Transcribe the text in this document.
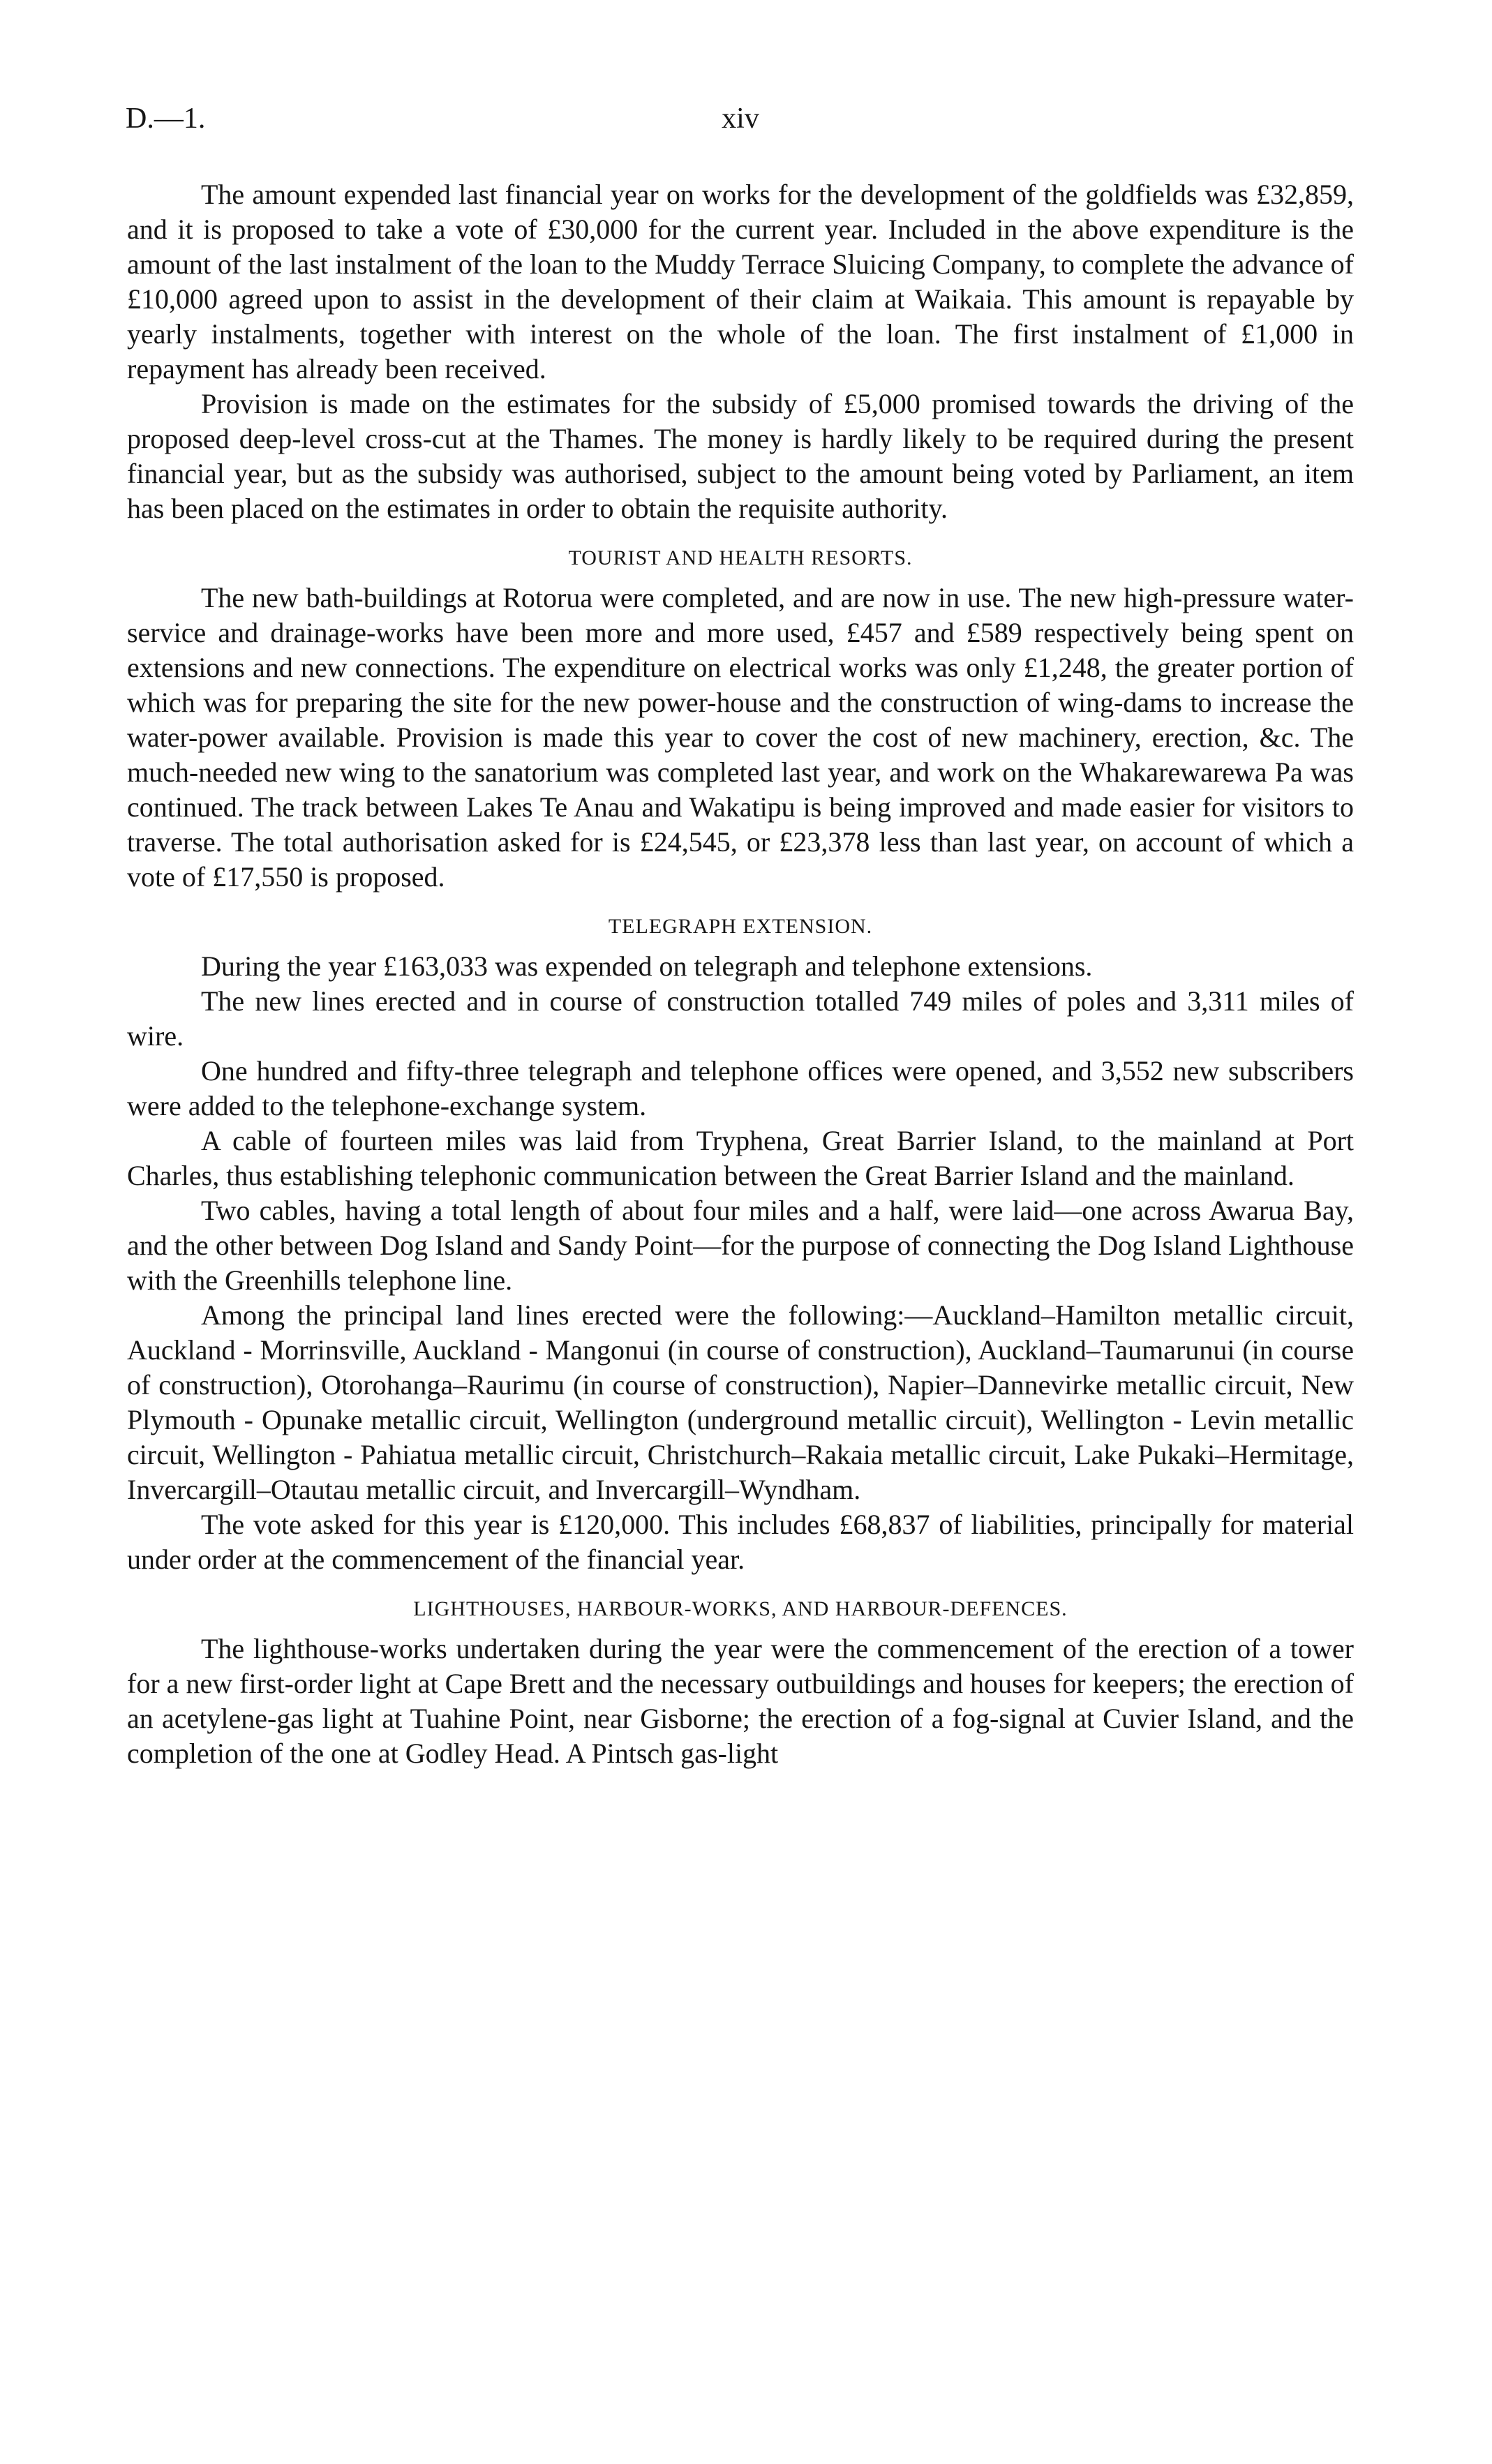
D.—1.	xiv

The amount expended last financial year on works for the development of the goldfields was £32,859, and it is proposed to take a vote of £30,000 for the current year. Included in the above expenditure is the amount of the last instalment of the loan to the Muddy Terrace Sluicing Company, to complete the advance of £10,000 agreed upon to assist in the development of their claim at Waikaia. This amount is repayable by yearly instalments, together with interest on the whole of the loan. The first instalment of £1,000 in repayment has already been received.

Provision is made on the estimates for the subsidy of £5,000 promised towards the driving of the proposed deep-level cross-cut at the Thames. The money is hardly likely to be required during the present financial year, but as the subsidy was authorised, subject to the amount being voted by Parliament, an item has been placed on the estimates in order to obtain the requisite authority.

TOURIST AND HEALTH RESORTS.

The new bath-buildings at Rotorua were completed, and are now in use. The new high-pressure water-service and drainage-works have been more and more used, £457 and £589 respectively being spent on extensions and new connections. The expenditure on electrical works was only £1,248, the greater portion of which was for preparing the site for the new power-house and the construction of wing-dams to increase the water-power available. Provision is made this year to cover the cost of new machinery, erection, &c. The much-needed new wing to the sanatorium was completed last year, and work on the Whakarewarewa Pa was continued. The track between Lakes Te Anau and Wakatipu is being improved and made easier for visitors to traverse. The total authorisation asked for is £24,545, or £23,378 less than last year, on account of which a vote of £17,550 is proposed.

TELEGRAPH EXTENSION.

During the year £163,033 was expended on telegraph and telephone extensions.

The new lines erected and in course of construction totalled 749 miles of poles and 3,311 miles of wire.

One hundred and fifty-three telegraph and telephone offices were opened, and 3,552 new subscribers were added to the telephone-exchange system.

A cable of fourteen miles was laid from Tryphena, Great Barrier Island, to the mainland at Port Charles, thus establishing telephonic communication between the Great Barrier Island and the mainland.

Two cables, having a total length of about four miles and a half, were laid—one across Awarua Bay, and the other between Dog Island and Sandy Point—for the purpose of connecting the Dog Island Lighthouse with the Greenhills telephone line.

Among the principal land lines erected were the following:—Auckland–Hamilton metallic circuit, Auckland - Morrinsville, Auckland - Mangonui (in course of construction), Auckland–Taumarunui (in course of construction), Otorohanga–Raurimu (in course of construction), Napier–Dannevirke metallic circuit, New Plymouth - Opunake metallic circuit, Wellington (underground metallic circuit), Wellington - Levin metallic circuit, Wellington - Pahiatua metallic circuit, Christchurch–Rakaia metallic circuit, Lake Pukaki–Hermitage, Invercargill–Otautau metallic circuit, and Invercargill–Wyndham.

The vote asked for this year is £120,000. This includes £68,837 of liabilities, principally for material under order at the commencement of the financial year.

LIGHTHOUSES, HARBOUR-WORKS, AND HARBOUR-DEFENCES.

The lighthouse-works undertaken during the year were the commencement of the erection of a tower for a new first-order light at Cape Brett and the necessary outbuildings and houses for keepers; the erection of an acetylene-gas light at Tuahine Point, near Gisborne; the erection of a fog-signal at Cuvier Island, and the completion of the one at Godley Head. A Pintsch gas-light
